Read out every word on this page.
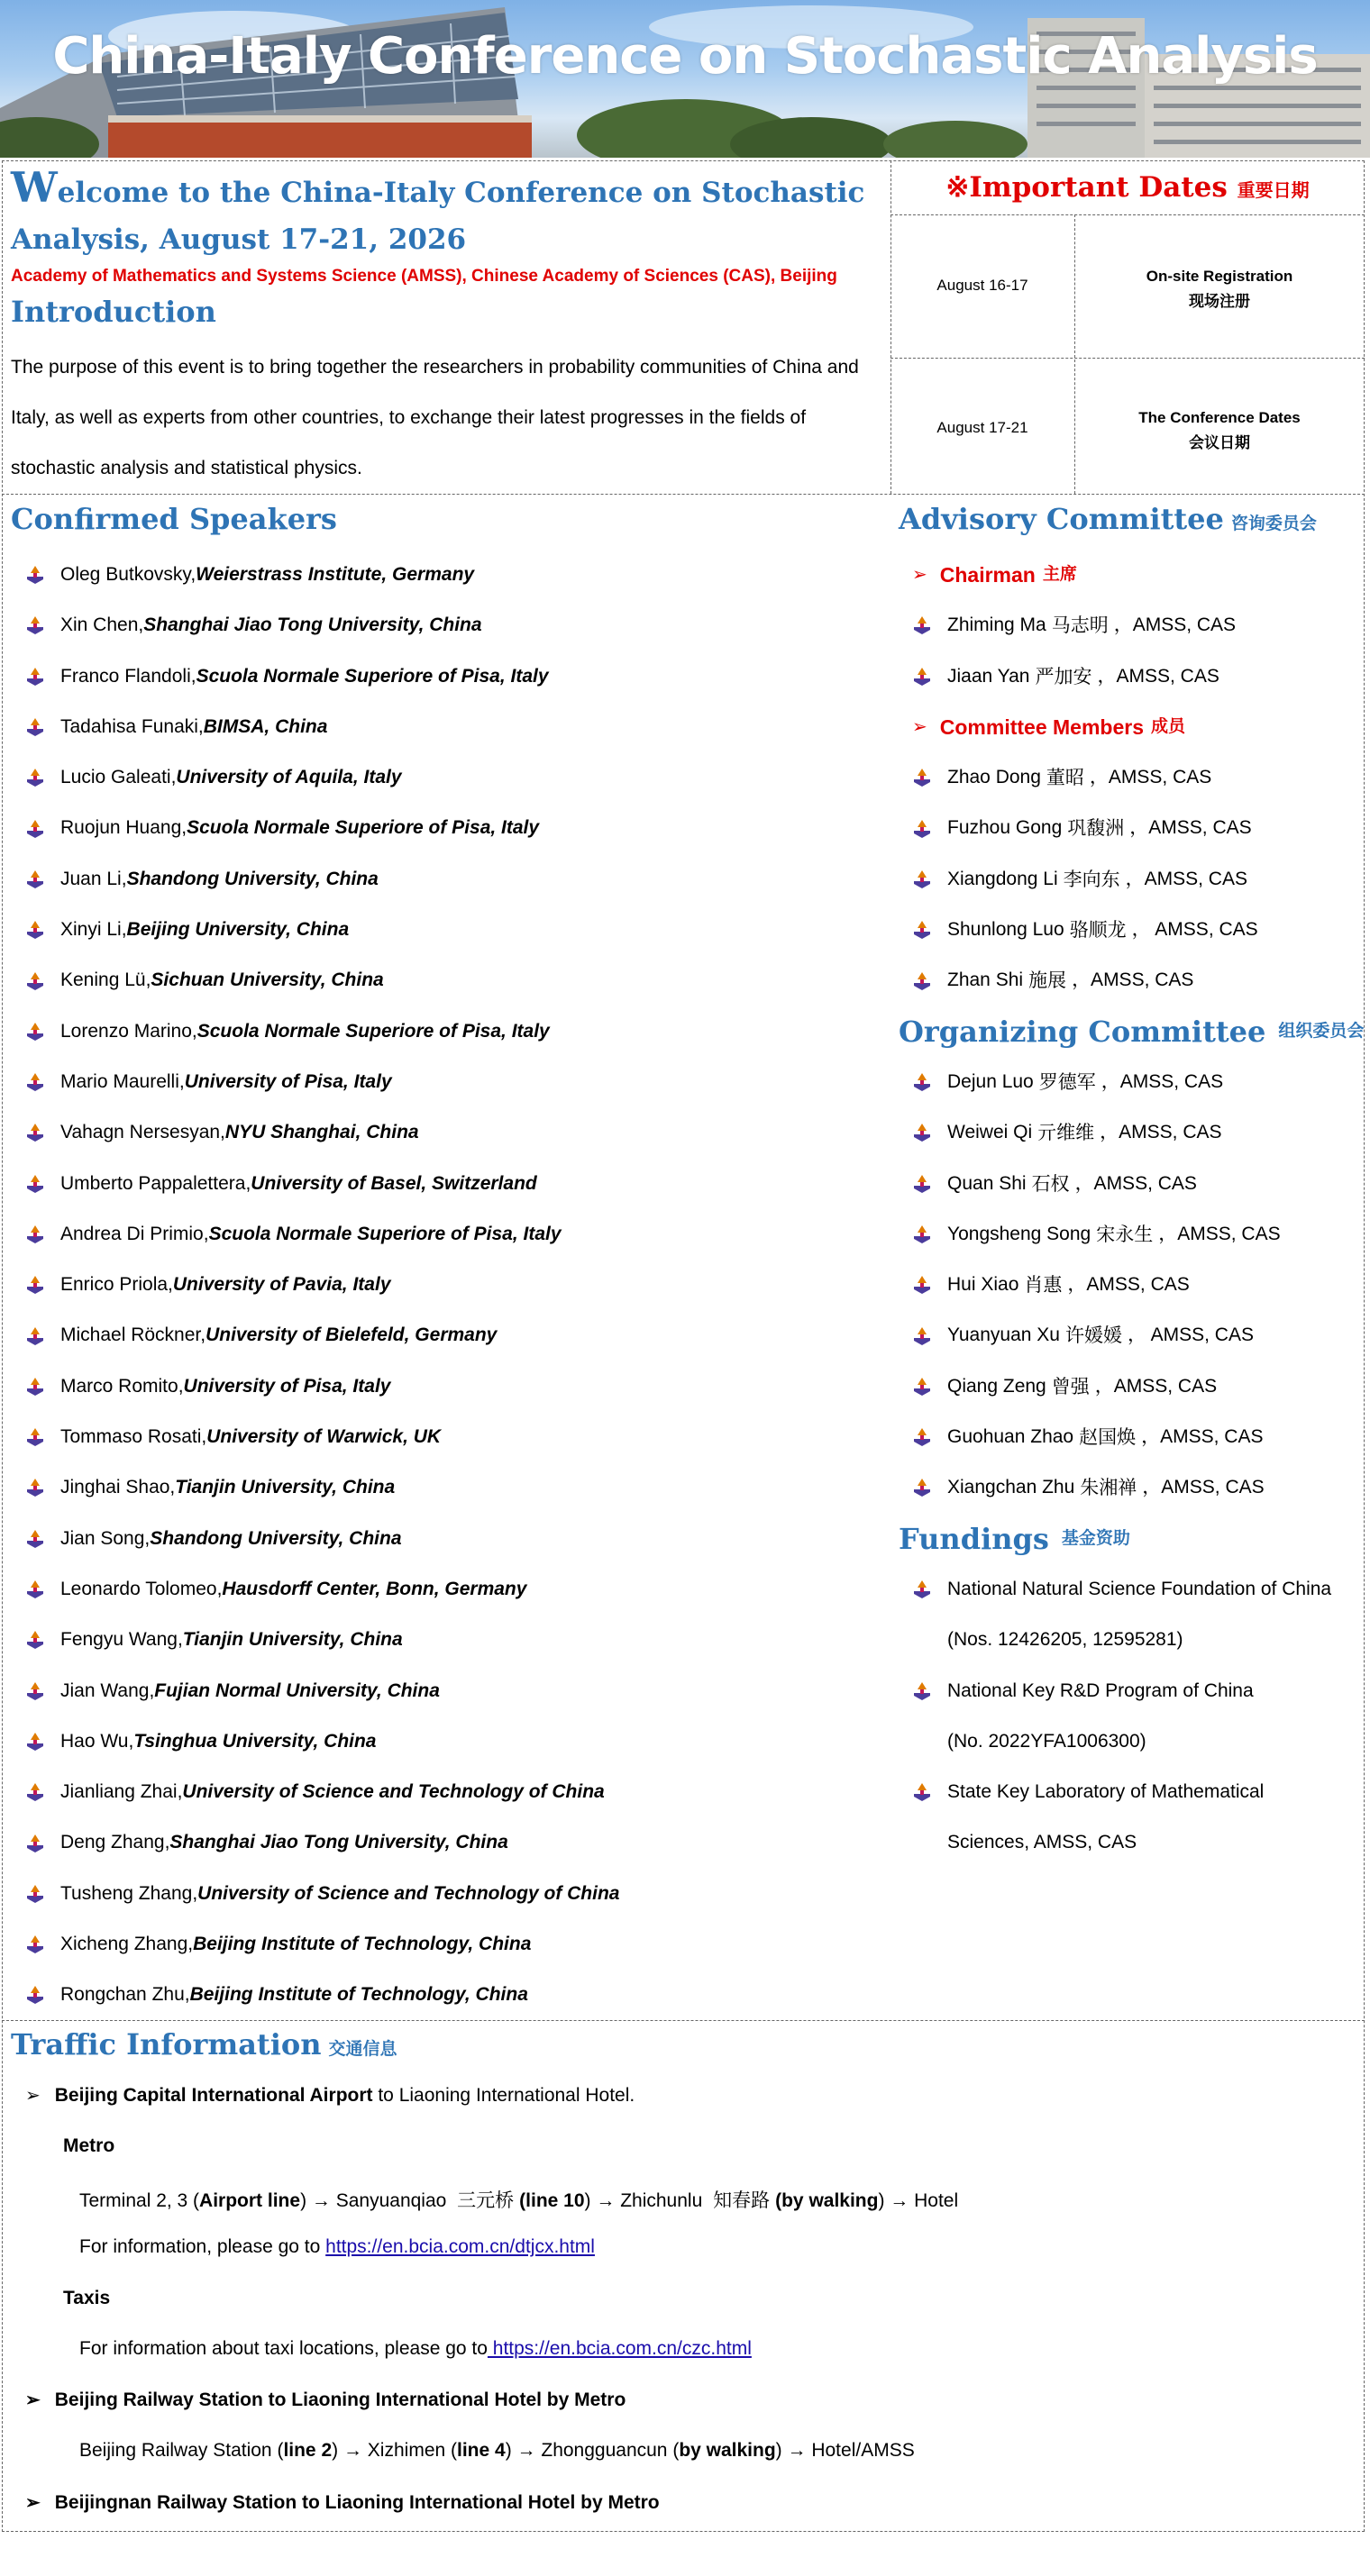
China-Italy Conference on Stochastic Analysis
Welcome to the China-Italy Conference on Stochastic Analysis, August 17-21, 2026
Academy of Mathematics and Systems Science (AMSS), Chinese Academy of Sciences (CAS), Beijing
Introduction
The purpose of this event is to bring together the researchers in probability communities of China and Italy, as well as experts from other countries, to exchange their latest progresses in the fields of stochastic analysis and statistical physics.
※Important Dates 重要日期
August 16-17
On-site Registration
现场注册
August 17-21
The Conference Dates
会议日期
Confirmed Speakers
Oleg Butkovsky, Weierstrass Institute, Germany
Xin Chen, Shanghai Jiao Tong University, China
Franco Flandoli, Scuola Normale Superiore of Pisa, Italy
Tadahisa Funaki, BIMSA, China
Lucio Galeati, University of Aquila, Italy
Ruojun Huang, Scuola Normale Superiore of Pisa, Italy
Juan Li, Shandong University, China
Xinyi Li, Beijing University, China
Kening Lü, Sichuan University, China
Lorenzo Marino, Scuola Normale Superiore of Pisa, Italy
Mario Maurelli, University of Pisa, Italy
Vahagn Nersesyan, NYU Shanghai, China
Umberto Pappalettera, University of Basel, Switzerland
Andrea Di Primio, Scuola Normale Superiore of Pisa, Italy
Enrico Priola, University of Pavia, Italy
Michael Röckner, University of Bielefeld, Germany
Marco Romito, University of Pisa, Italy
Tommaso Rosati, University of Warwick, UK
Jinghai Shao, Tianjin University, China
Jian Song, Shandong University, China
Leonardo Tolomeo, Hausdorff Center, Bonn, Germany
Fengyu Wang, Tianjin University, China
Jian Wang, Fujian Normal University, China
Hao Wu, Tsinghua University, China
Jianliang Zhai, University of Science and Technology of China
Deng Zhang, Shanghai Jiao Tong University, China
Tusheng Zhang, University of Science and Technology of China
Xicheng Zhang, Beijing Institute of Technology, China
Rongchan Zhu, Beijing Institute of Technology, China
Advisory Committee 咨询委员会
➢ Chairman 主席
Zhiming Ma 马志明 ，AMSS, CAS
Jiaan Yan 严加安 ，AMSS, CAS
➢ Committee Members 成员
Zhao Dong 董昭 ，AMSS, CAS
Fuzhou Gong 巩馥洲 ，AMSS, CAS
Xiangdong Li 李向东 ，AMSS, CAS
Shunlong Luo 骆顺龙 ， AMSS, CAS
Zhan Shi 施展 ，AMSS, CAS
Organizing Committee 组织委员会
Dejun Luo 罗德军 ，AMSS, CAS
Weiwei Qi 亓维维 ，AMSS, CAS
Quan Shi 石权 ，AMSS, CAS
Yongsheng Song 宋永生 ，AMSS, CAS
Hui Xiao 肖惠 ，AMSS, CAS
Yuanyuan Xu 许媛媛 ， AMSS, CAS
Qiang Zeng 曾强 ，AMSS, CAS
Guohuan Zhao 赵国焕 ，AMSS, CAS
Xiangchan Zhu 朱湘禅 ，AMSS, CAS
Fundings 基金资助
National Natural Science Foundation of China
(Nos. 12426205, 12595281)
National Key R&D Program of China
(No. 2022YFA1006300)
State Key Laboratory of Mathematical
Sciences, AMSS, CAS
Traffic Information 交通信息
➢ Beijing Capital International Airport to Liaoning International Hotel.
Metro
Terminal 2, 3 (Airport line) → Sanyuanqiao 三元桥 (line 10) → Zhichunlu 知春路 (by walking) → Hotel
For information, please go to https://en.bcia.com.cn/dtjcx.html
Taxis
For information about taxi locations, please go to https://en.bcia.com.cn/czc.html
➢ Beijing Railway Station to Liaoning International Hotel by Metro
Beijing Railway Station (line 2) → Xizhimen (line 4) → Zhongguancun (by walking) → Hotel/AMSS
➢ Beijingnan Railway Station to Liaoning International Hotel by Metro
